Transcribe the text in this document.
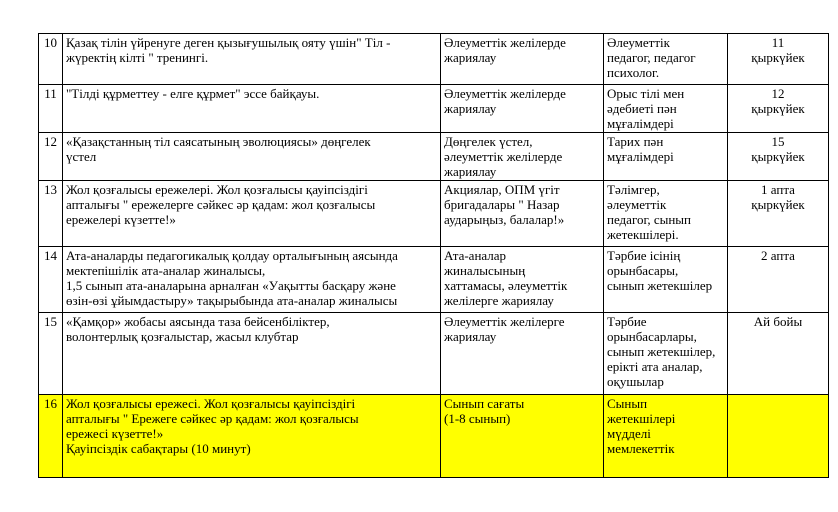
10	Қазақ тілін үйренуге деген қызығушылық ояту үшін" Тіл -
жүректің кілті " тренингі.	Әлеуметтік желілерде
жариялау	Әлеуметтік
педагог, педагог
психолог.	11
қыркүйек

11	"Тілді құрметтеу - елге құрмет" эссе байқауы.	Әлеуметтік желілерде
жариялау	Орыс тілі мен
әдебиеті пән
мұғалімдері	12
қыркүйек

12	«Қазақстанның тіл саясатының эволюциясы» дөңгелек
үстел	Дөңгелек үстел,
әлеуметтік желілерде
жариялау	Тарих пән
мұғалімдері	15
қыркүйек

13	Жол қозғалысы ережелері. Жол қозғалысы қауіпсіздігі
апталығы " ережелерге сәйкес әр қадам: жол қозғалысы
ережелері күзетте!»	Акциялар, ОПМ үгіт
бригадалары " Назар
аударыңыз, балалар!»	Тәлімгер,
әлеуметтік
педагог, сынып
жетекшілері.	1 апта
қыркүйек

14	Ата-аналарды педагогикалық қолдау орталығының аясында
мектепішілік ата-аналар жиналысы,
1,5 сынып ата-аналарына арналған «Уақытты басқару және
өзін-өзі ұйымдастыру» тақырыбында ата-аналар жиналысы	Ата-аналар
жиналысының
хаттамасы, әлеуметтік
желілерге жариялау	Тәрбие ісінің
орынбасары,
сынып жетекшілер	2 апта

15	«Қамқор» жобасы аясында таза бейсенбіліктер,
волонтерлық қозғалыстар, жасыл клубтар	Әлеуметтік желілерге
жариялау	Тәрбие
орынбасарлары,
сынып жетекшілер,
ерікті ата аналар,
оқушылар	Ай бойы

16	Жол қозғалысы ережесі. Жол қозғалысы қауіпсіздігі
апталығы " Ережеге сәйкес әр қадам: жол қозғалысы
ережесі күзетте!»
Қауіпсіздік сабақтары (10 минут)	Сынып сағаты
(1-8 сынып)	Сынып
жетекшілері
мүдделі
мемлекеттік	
